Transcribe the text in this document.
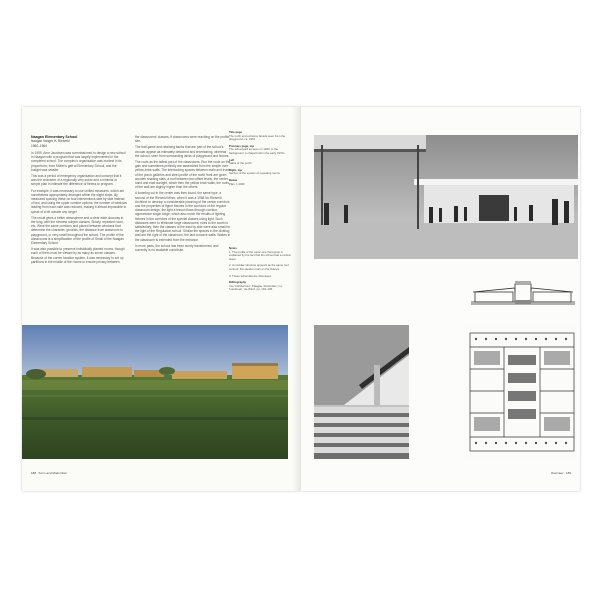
Naagan Elementary School
Naagan Vanger H. Rietveld
1960–1964

In 1959, Arne Jacobsen was commissioned to design a new school in Naagan with a program that was largely implemented in the completed school. The complex's organisation was modest in its proportions; from Müller's gaff of Elementary School, and the budget was smaller.

This was a period of emergency organisation and concept that it was the character of a regionally very sober and a minimal or simple plan in intimate the difference of fitness to program.

For example, it was necessary to use unified measures, which are nonetheless appropriately arranged within the slight slope. By measured spacing these on four interventions side by side instead of two, and using the upper corridor options, the number of windows leading from each side was reduced, making it almost impossible to speak of a bit outside any longer.

The result gives a better atmosphere and a clear wide doorway in the long, with the clearest subject classes. Slowly, repeated room, etc. Were the same corridors and placed between windows that determine the character, grounds, the distance from classroom to playground, or very small throughout the school. The profile of the classrooms is a simplification of the profile of Small of the Naagan Elementary School.

It was also possible to preserve individually planted rooms, though each of them must be viewed by as many as seven classes. Because of the corner location system, it was necessary to set up partitions in the middle of the rooms to ensure privacy between

the classrooms' classes, if classrooms were reaching on the profile site.

The half-game and retaining banks that are part of the school's circular appear as intimately detached and entertaining, whereas the school, seen from surrounding lands of playground and fences.

The roofs as the tallest part of the classrooms. Run the roofs on the gain and sometimes perfectly are assembled from the simple over yellow-brick walls. The interlocking spaces between main and trunk of the porch galleries and steel-profile of the north front are given wooden shading slats, a roof between two offset levels, the center-hand and east sunlight, which then the yellow brick walls; the roofs of the wall are slightly higher than the others.

A lowering cut in the center was then found; the same type, a second of the Rietveld Minor, when it was a 1958 No Rietveld Architect to develop a considerable planning of the center corridors and the properties of figure fixtures in the corridors of the regular classroom design, the light a lesson flows through corridor, appearance single lodge, which also much the results of lighting fixtures in the corridors of the special classes using light. Such distances were to eliminate large classrooms; rules to the south is satisfactory; then the classes of the east by side were also small for the light of the Regulation school. Similar the spaces in the dividing wall are the right of the classroom, the last concave walls: Wakes in the classroom is extended from the entrance.

In more parts, the school has been surely transformed, and currently is no available contribute.

188 · Form and Modernism
Title page
The north and entrance facade seen from the playground, ca. 1964
Previous page, top
The schoolyard as seen on 1963, in the background, a chapel built in the early 1970s
Left
Stairs of the porch
Right, top
Section of the system of repeating rooms
Below
Plan, 1:1000
Notes
1. The profile of the 'eave'-one thereupon is explained by the fact that the school had a central slope.
2. A modular structure appears as the same roof contour; the slender roofs on the fixtures.
3. These schemata are discussed.
Bibliography
Vos 'Architectuur', Plaagse, Rotterdam; n.p. 'Lansbeek', 'de Wind', pp. 194–196.
Overview · 189
